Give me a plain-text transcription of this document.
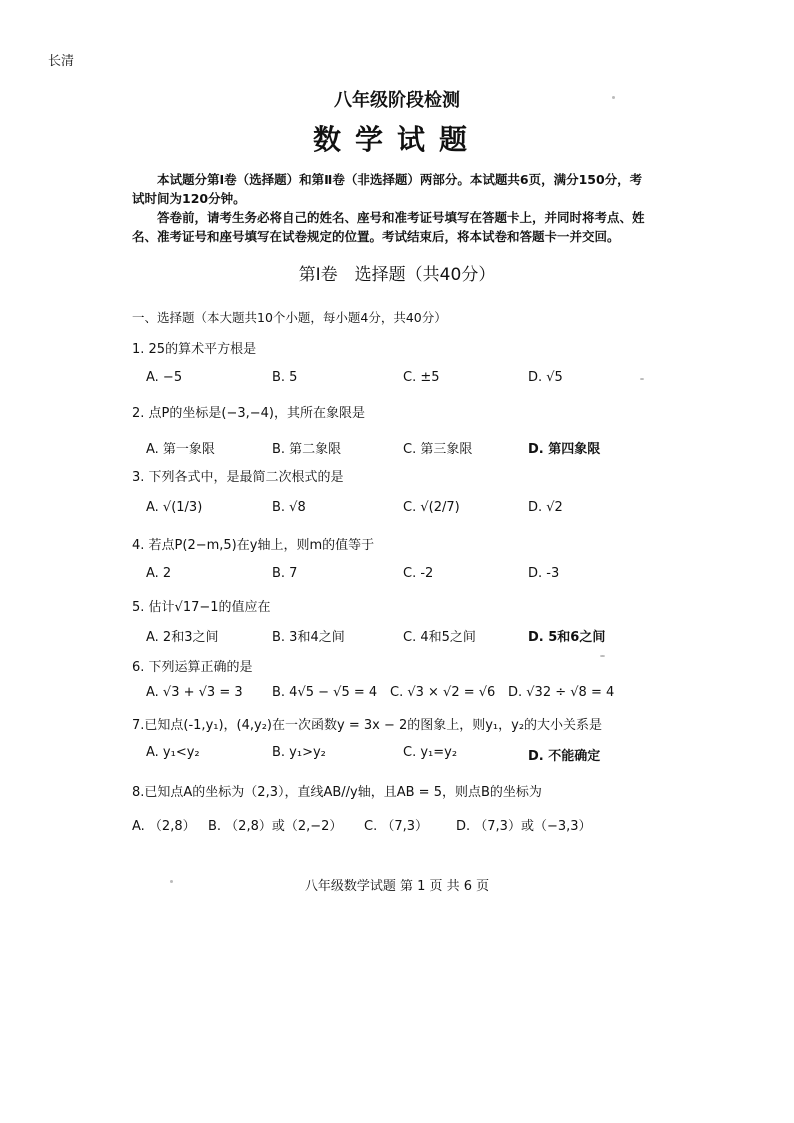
长清
八年级阶段检测
数学试题

本试题分第Ⅰ卷（选择题）和第Ⅱ卷（非选择题）两部分。本试题共6页，满分150分，考试时间为120分钟。

答卷前，请考生务必将自己的姓名、座号和准考证号填写在答题卡上，并同时将考点、姓名、准考证号和座号填写在试卷规定的位置。考试结束后，将本试卷和答题卡一并交回。

第Ⅰ卷　选择题（共40分）
一、选择题（本大题共10个小题，每小题4分，共40分）
1. 25的算术平方根是
A. −5	B. 5	C. ±5	D. √5
2. 点P的坐标是(−3,−4)，其所在象限是
A. 第一象限	B. 第二象限	C. 第三象限	D. 第四象限
3. 下列各式中，是最简二次根式的是
A. √(1/3)	B. √8	C. √(2/7)	D. √2
4. 若点P(2−m,5)在y轴上，则m的值等于
A. 2	B. 7	C. -2	D. -3
5. 估计√17−1的值应在
A. 2和3之间	B. 3和4之间	C. 4和5之间	D. 5和6之间
6. 下列运算正确的是
A. √3 + √3 = 3 B. 4√5 − √5 = 4 C. √3 × √2 = √6 D. √32 ÷ √8 = 4
7.已知点(-1,y₁)，(4,y₂)在一次函数y = 3x − 2的图象上，则y₁，y₂的大小关系是
A. y₁<y₂	B. y₁>y₂	C. y₁=y₂	D. 不能确定
8.已知点A的坐标为（2,3），直线AB//y轴，且AB = 5，则点B的坐标为
A. （2,8） B. （2,8）或（2,−2） C. （7,3） D. （7,3）或（−3,3）
八年级数学试题 第 1 页 共 6 页
